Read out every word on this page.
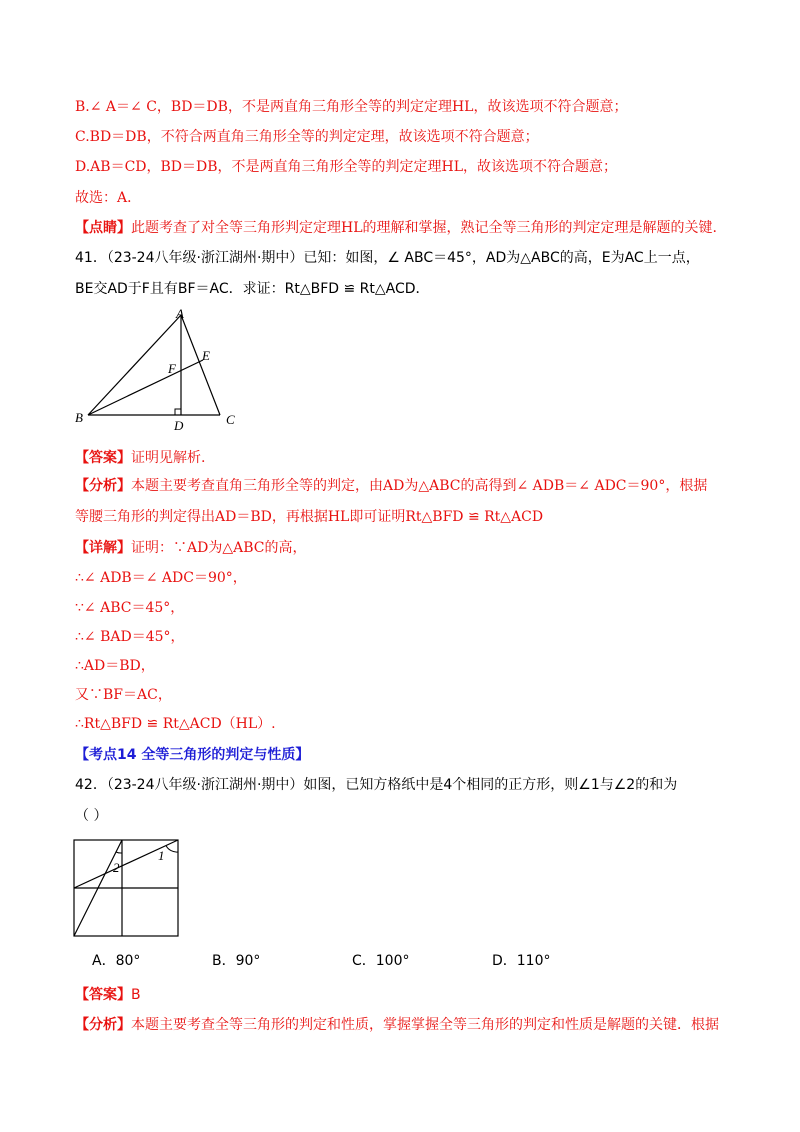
B.∠ A＝∠ C，BD＝DB，不是两直角三角形全等的判定定理HL，故该选项不符合题意；
C.BD＝DB，不符合两直角三角形全等的判定定理，故该选项不符合题意；
D.AB＝CD，BD＝DB，不是两直角三角形全等的判定定理HL，故该选项不符合题意；
故选：A．
【点睛】此题考查了对全等三角形判定定理HL的理解和掌握，熟记全等三角形的判定定理是解题的关键.
41．（23-24八年级·浙江湖州·期中）已知：如图，∠ ABC＝45°，AD为△ABC的高，E为AC上一点，
BE交AD于F且有BF＝AC．求证：Rt△BFD ≌ Rt△ACD．
A
B	C
D
E
F
【答案】证明见解析.
【分析】本题主要考查直角三角形全等的判定，由AD为△ABC的高得到∠ ADB＝∠ ADC＝90°，根据
等腰三角形的判定得出AD＝BD，再根据HL即可证明Rt△BFD ≌ Rt△ACD
【详解】证明：∵AD为△ABC的高，
∴∠ ADB＝∠ ADC＝90°，
∵∠ ABC＝45°，
∴∠ BAD＝45°，
∴AD＝BD，
又∵BF＝AC，
∴Rt△BFD ≌ Rt△ACD（HL）.
【考点14 全等三角形的判定与性质】
42．（23-24八年级·浙江湖州·期中）如图，已知方格纸中是4个相同的正方形，则∠1与∠2的和为
（ ）
1
2
A．80°	B．90°	C．100°	D．110°
【答案】B
【分析】本题主要考查全等三角形的判定和性质，掌握掌握全等三角形的判定和性质是解题的关键．根据
